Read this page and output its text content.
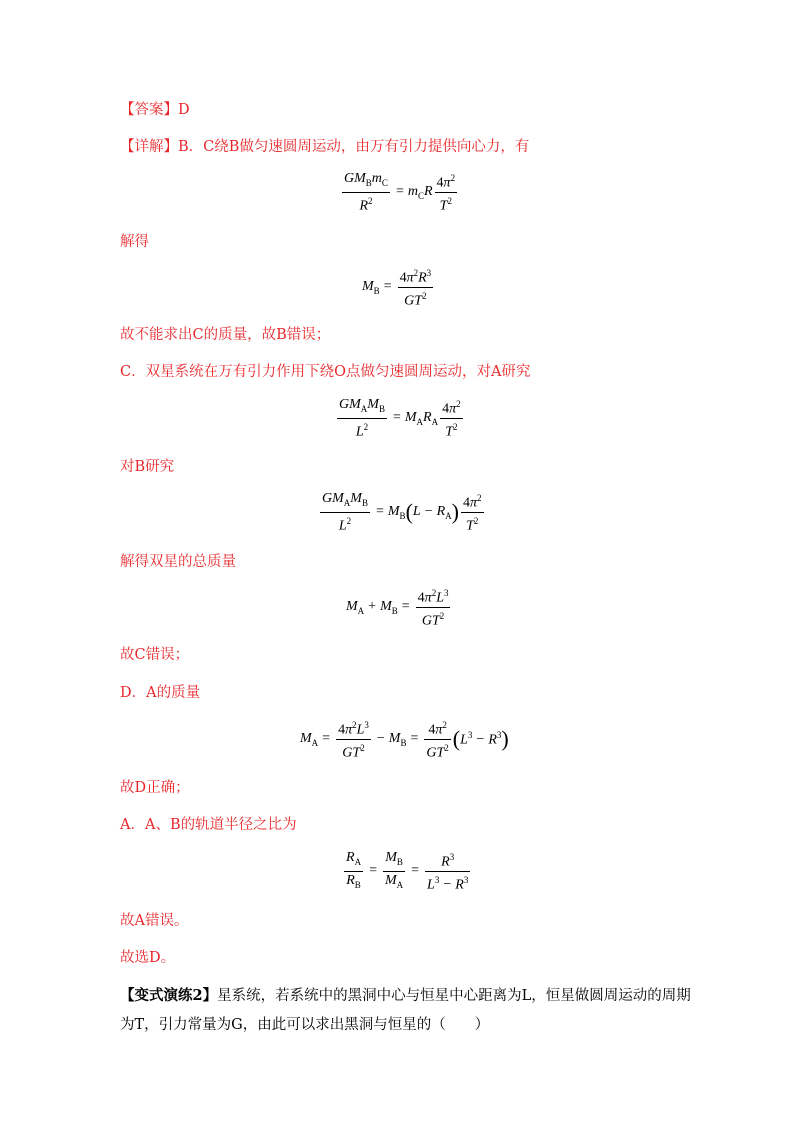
【答案】D
【详解】B．C绕B做匀速圆周运动，由万有引力提供向心力，有
$\frac{GM_Bm_C}{R^2} = m_CR \frac{4\pi^2}{T^2}$
解得
$M_B = \frac{4\pi^2R^3}{GT^2}$
故不能求出C的质量，故B错误；
C．双星系统在万有引力作用下绕O点做匀速圆周运动，对A研究
$\frac{GM_AM_B}{L^2} = M_AR_A \frac{4\pi^2}{T^2}$
对B研究
$\frac{GM_AM_B}{L^2} = M_B$ ( $L - R_A$ ) $\frac{4\pi^2}{T^2}$
解得双星的总质量
$M_A + M_B = \frac{4\pi^2L^3}{GT^2}$
故C错误；
D．A的质量
$M_A = \frac{4\pi^2L^3}{GT^2} - M_B = \frac{4\pi^2}{GT^2}$ ( $L^3 - R^3$ )
故D正确；
A．A、B的轨道半径之比为
$\frac{R_A}{R_B} = \frac{M_B}{M_A} = \frac{R^3}{L^3 - R^3}$
故A错误。
故选D。
【变式演练2】星系统，若系统中的黑洞中心与恒星中心距离为L，恒星做圆周运动的周期
为T，引力常量为G，由此可以求出黑洞与恒星的（　　）
